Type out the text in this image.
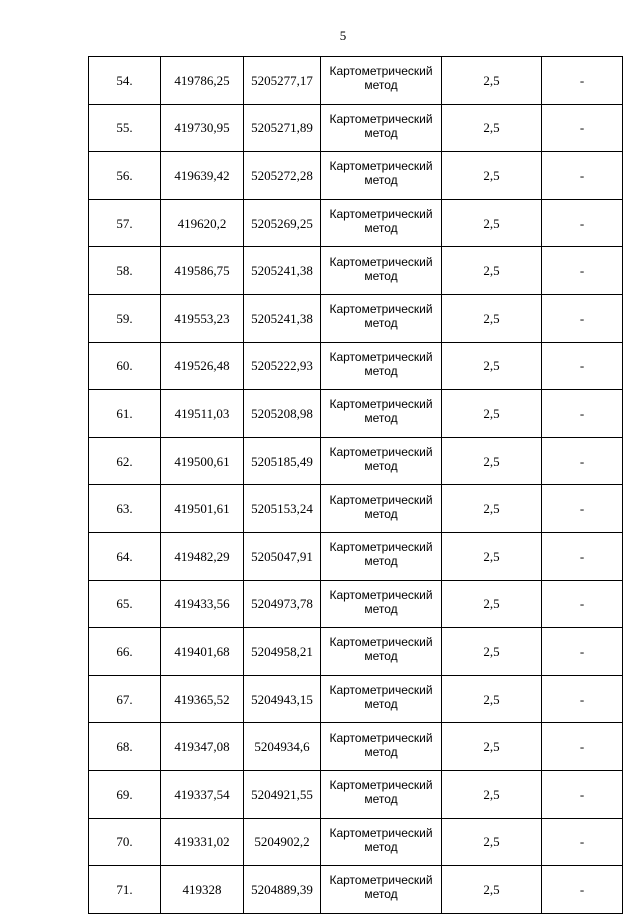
5
54.	419786,25	5205277,17	Картометрический метод	2,5	-
55.	419730,95	5205271,89	Картометрический метод	2,5	-
56.	419639,42	5205272,28	Картометрический метод	2,5	-
57.	419620,2	5205269,25	Картометрический метод	2,5	-
58.	419586,75	5205241,38	Картометрический метод	2,5	-
59.	419553,23	5205241,38	Картометрический метод	2,5	-
60.	419526,48	5205222,93	Картометрический метод	2,5	-
61.	419511,03	5205208,98	Картометрический метод	2,5	-
62.	419500,61	5205185,49	Картометрический метод	2,5	-
63.	419501,61	5205153,24	Картометрический метод	2,5	-
64.	419482,29	5205047,91	Картометрический метод	2,5	-
65.	419433,56	5204973,78	Картометрический метод	2,5	-
66.	419401,68	5204958,21	Картометрический метод	2,5	-
67.	419365,52	5204943,15	Картометрический метод	2,5	-
68.	419347,08	5204934,6	Картометрический метод	2,5	-
69.	419337,54	5204921,55	Картометрический метод	2,5	-
70.	419331,02	5204902,2	Картометрический метод	2,5	-
71.	419328	5204889,39	Картометрический метод	2,5	-
